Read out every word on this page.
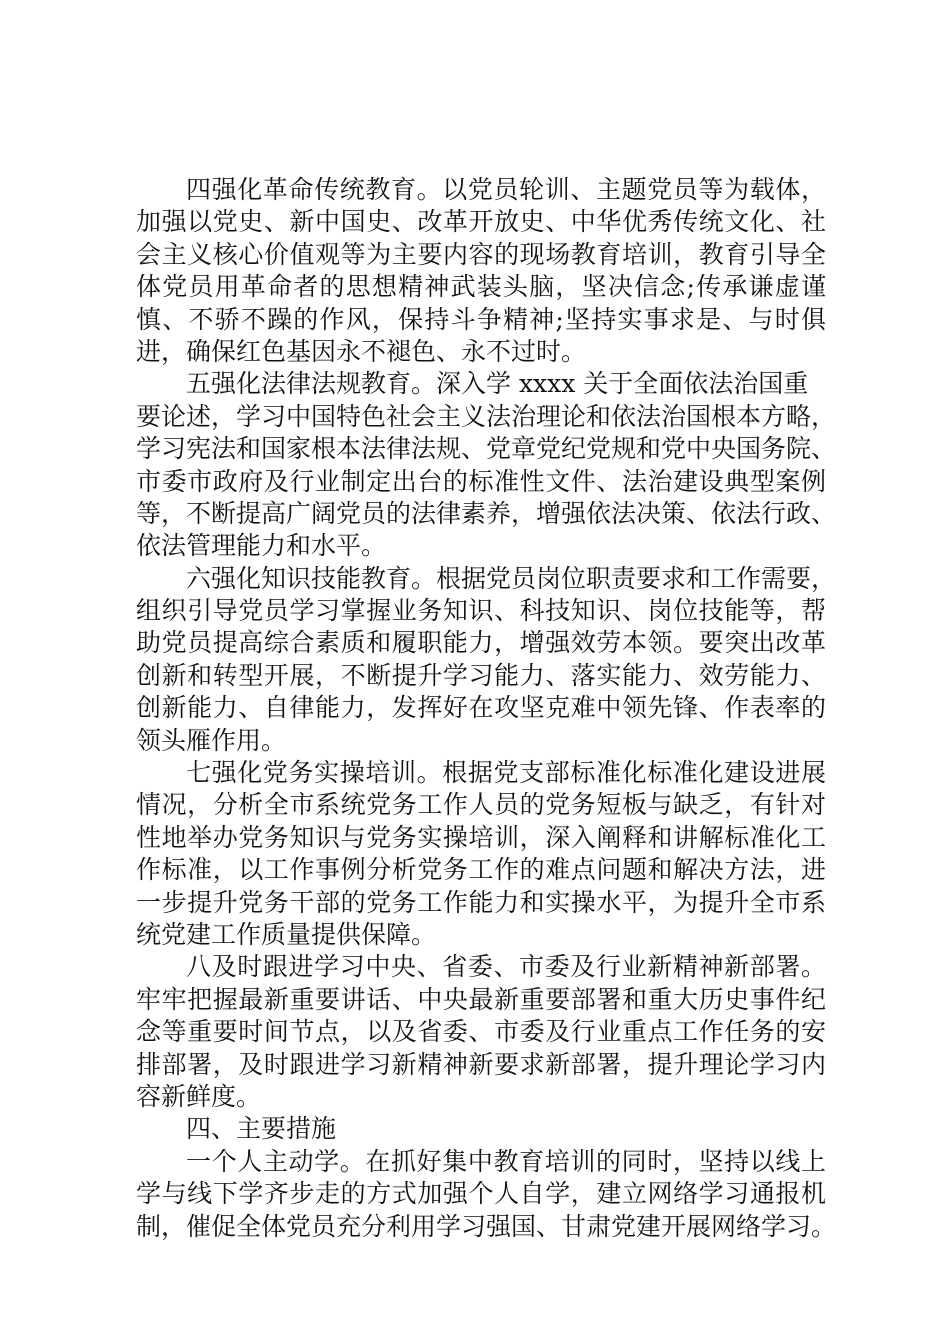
四强化革命传统教育。以党员轮训、主题党员等为载体，
加强以党史、新中国史、改革开放史、中华优秀传统文化、社
会主义核心价值观等为主要内容的现场教育培训，教育引导全
体党员用革命者的思想精神武装头脑，坚决信念;传承谦虚谨
慎、不骄不躁的作风，保持斗争精神;坚持实事求是、与时俱
进，确保红色基因永不褪色、永不过时。
五强化法律法规教育。深入学 xxxx 关于全面依法治国重
要论述，学习中国特色社会主义法治理论和依法治国根本方略，
学习宪法和国家根本法律法规、党章党纪党规和党中央国务院、
市委市政府及行业制定出台的标准性文件、法治建设典型案例
等，不断提高广阔党员的法律素养，增强依法决策、依法行政、
依法管理能力和水平。
六强化知识技能教育。根据党员岗位职责要求和工作需要，
组织引导党员学习掌握业务知识、科技知识、岗位技能等，帮
助党员提高综合素质和履职能力，增强效劳本领。要突出改革
创新和转型开展，不断提升学习能力、落实能力、效劳能力、
创新能力、自律能力，发挥好在攻坚克难中领先锋、作表率的
领头雁作用。
七强化党务实操培训。根据党支部标准化标准化建设进展
情况，分析全市系统党务工作人员的党务短板与缺乏，有针对
性地举办党务知识与党务实操培训，深入阐释和讲解标准化工
作标准，以工作事例分析党务工作的难点问题和解决方法，进
一步提升党务干部的党务工作能力和实操水平，为提升全市系
统党建工作质量提供保障。
八及时跟进学习中央、省委、市委及行业新精神新部署。
牢牢把握最新重要讲话、中央最新重要部署和重大历史事件纪
念等重要时间节点，以及省委、市委及行业重点工作任务的安
排部署，及时跟进学习新精神新要求新部署，提升理论学习内
容新鲜度。
四、主要措施
一个人主动学。在抓好集中教育培训的同时，坚持以线上
学与线下学齐步走的方式加强个人自学，建立网络学习通报机
制，催促全体党员充分利用学习强国、甘肃党建开展网络学习。
